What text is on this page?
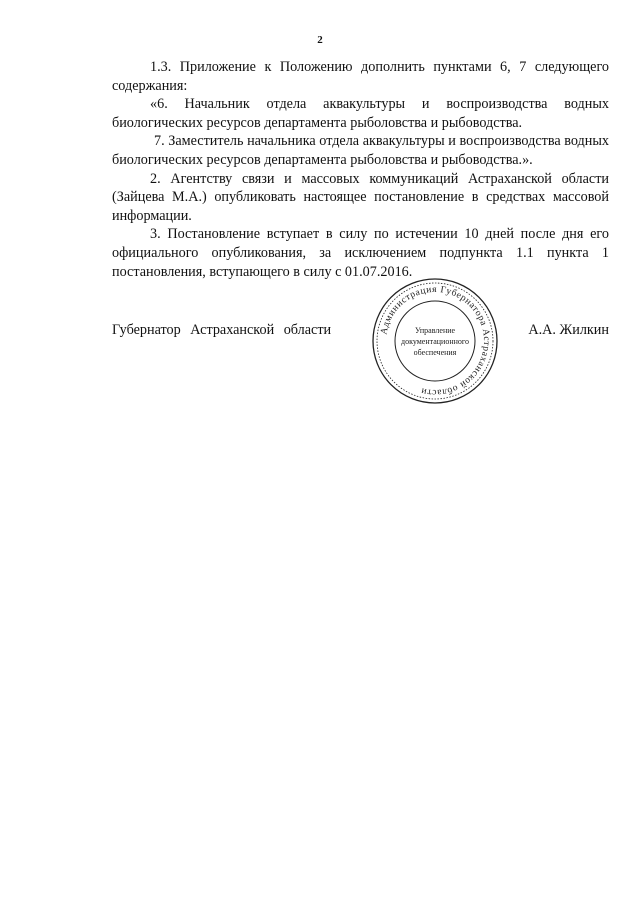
2

1.3. Приложение к Положению дополнить пунктами 6, 7 следующего содержания:

«6. Начальник отдела аквакультуры и воспроизводства водных биологических ресурсов департамента рыболовства и рыбоводства.

7. Заместитель начальника отдела аквакультуры и воспроизводства водных биологических ресурсов департамента рыболовства и рыбоводства.».

2. Агентству связи и массовых коммуникаций Астраханской области (Зайцева М.А.) опубликовать настоящее постановление в средствах массовой информации.

3. Постановление вступает в силу по истечении 10 дней после дня его официального опубликования, за исключением подпункта 1.1 пункта 1 постановления, вступающего в силу с 01.07.2016.

Губернатор Астраханской области	А.А. Жилкин
Администрация Губернатора Астраханской области
Управление
документационного
обеспечения
